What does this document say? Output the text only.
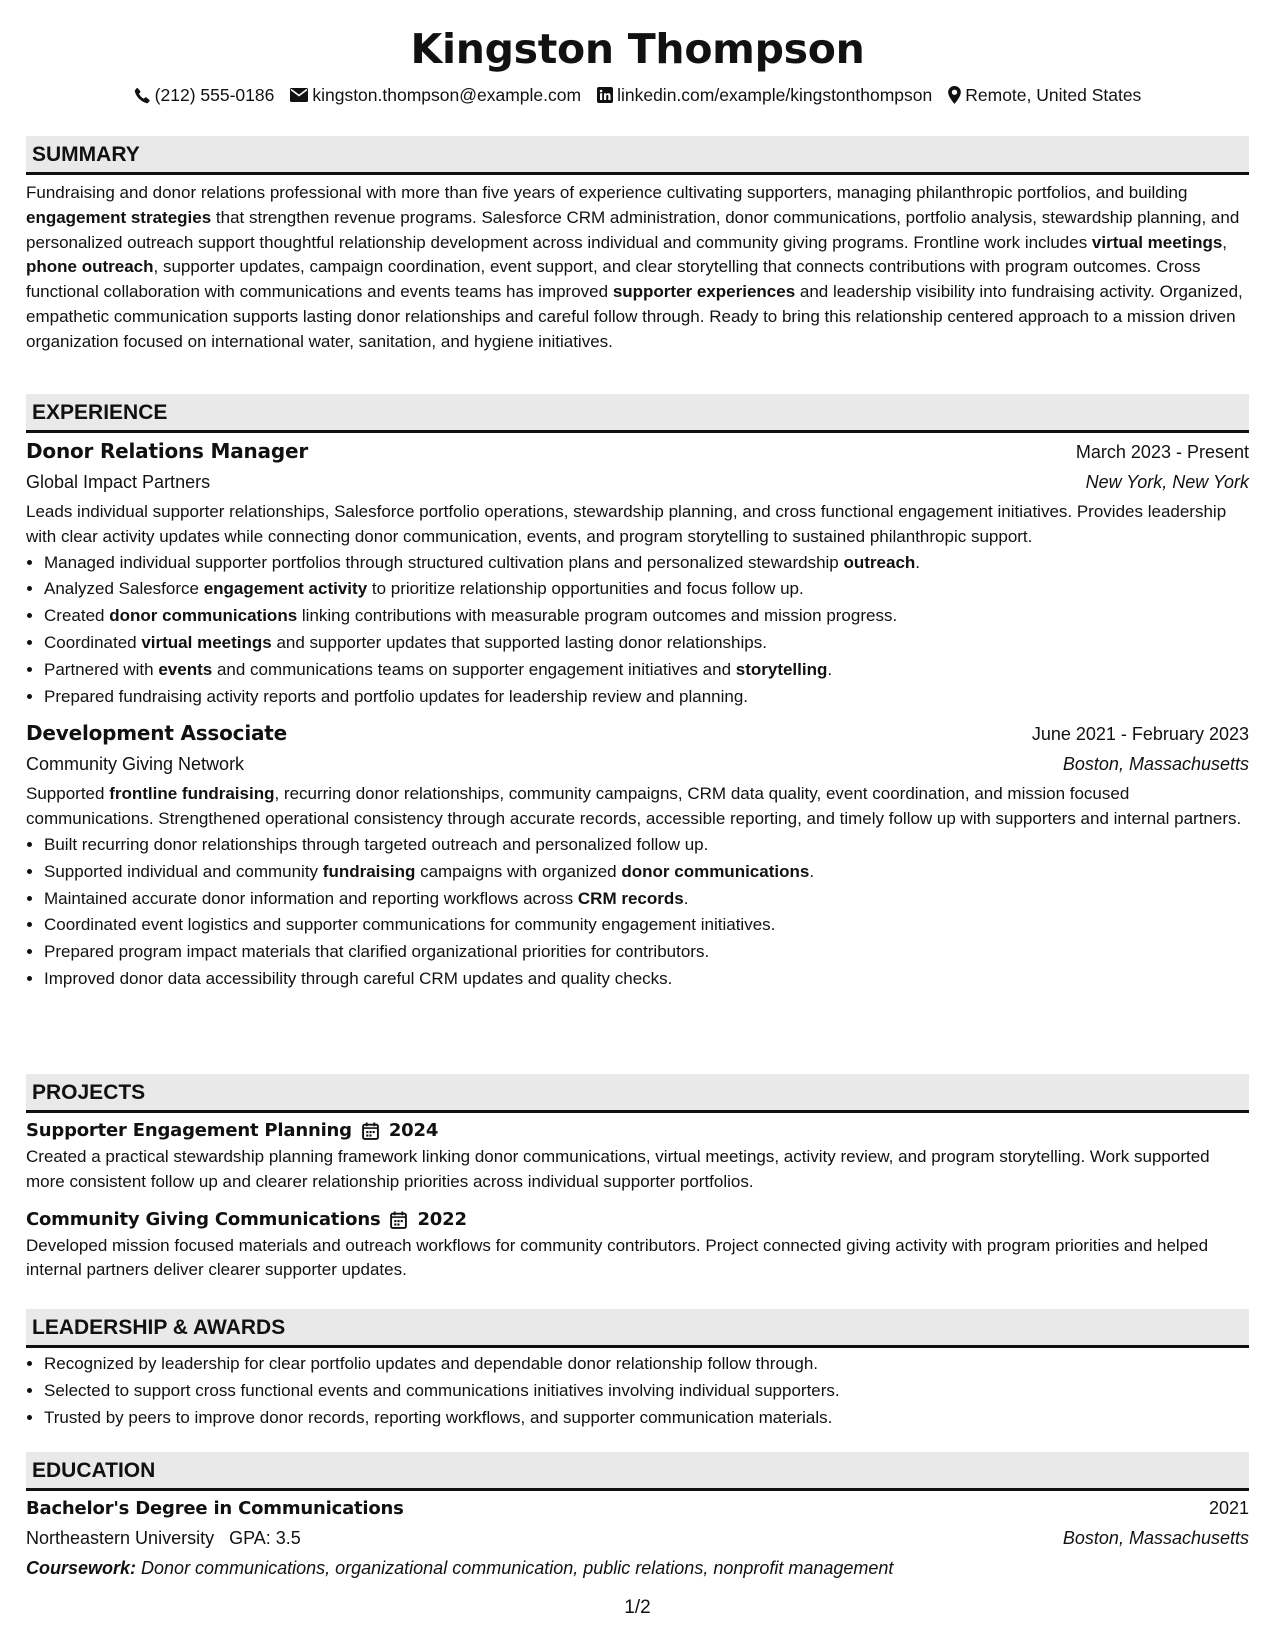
Kingston Thompson
(212) 555-0186 kingston.thompson@example.com linkedin.com/example/kingstonthompson Remote, United States
SUMMARY
Fundraising and donor relations professional with more than five years of experience cultivating supporters, managing philanthropic portfolios, and building engagement strategies that strengthen revenue programs. Salesforce CRM administration, donor communications, portfolio analysis, stewardship planning, and personalized outreach support thoughtful relationship development across individual and community giving programs. Frontline work includes virtual meetings, phone outreach, supporter updates, campaign coordination, event support, and clear storytelling that connects contributions with program outcomes. Cross functional collaboration with communications and events teams has improved supporter experiences and leadership visibility into fundraising activity. Organized, empathetic communication supports lasting donor relationships and careful follow through. Ready to bring this relationship centered approach to a mission driven organization focused on international water, sanitation, and hygiene initiatives.
EXPERIENCE
Donor Relations Manager	March 2023 - Present
Global Impact Partners	New York, New York
Leads individual supporter relationships, Salesforce portfolio operations, stewardship planning, and cross functional engagement initiatives. Provides leadership with clear activity updates while connecting donor communication, events, and program storytelling to sustained philanthropic support.
• Managed individual supporter portfolios through structured cultivation plans and personalized stewardship outreach.
• Analyzed Salesforce engagement activity to prioritize relationship opportunities and focus follow up.
• Created donor communications linking contributions with measurable program outcomes and mission progress.
• Coordinated virtual meetings and supporter updates that supported lasting donor relationships.
• Partnered with events and communications teams on supporter engagement initiatives and storytelling.
• Prepared fundraising activity reports and portfolio updates for leadership review and planning.
Development Associate	June 2021 - February 2023
Community Giving Network	Boston, Massachusetts
Supported frontline fundraising, recurring donor relationships, community campaigns, CRM data quality, event coordination, and mission focused communications. Strengthened operational consistency through accurate records, accessible reporting, and timely follow up with supporters and internal partners.
• Built recurring donor relationships through targeted outreach and personalized follow up.
• Supported individual and community fundraising campaigns with organized donor communications.
• Maintained accurate donor information and reporting workflows across CRM records.
• Coordinated event logistics and supporter communications for community engagement initiatives.
• Prepared program impact materials that clarified organizational priorities for contributors.
• Improved donor data accessibility through careful CRM updates and quality checks.
PROJECTS
Supporter Engagement Planning 2024
Created a practical stewardship planning framework linking donor communications, virtual meetings, activity review, and program storytelling. Work supported more consistent follow up and clearer relationship priorities across individual supporter portfolios.
Community Giving Communications 2022
Developed mission focused materials and outreach workflows for community contributors. Project connected giving activity with program priorities and helped internal partners deliver clearer supporter updates.
LEADERSHIP & AWARDS
• Recognized by leadership for clear portfolio updates and dependable donor relationship follow through.
• Selected to support cross functional events and communications initiatives involving individual supporters.
• Trusted by peers to improve donor records, reporting workflows, and supporter communication materials.
EDUCATION
Bachelor's Degree in Communications	2021
Northeastern University GPA: 3.5	Boston, Massachusetts
Coursework: Donor communications, organizational communication, public relations, nonprofit management
1/2
